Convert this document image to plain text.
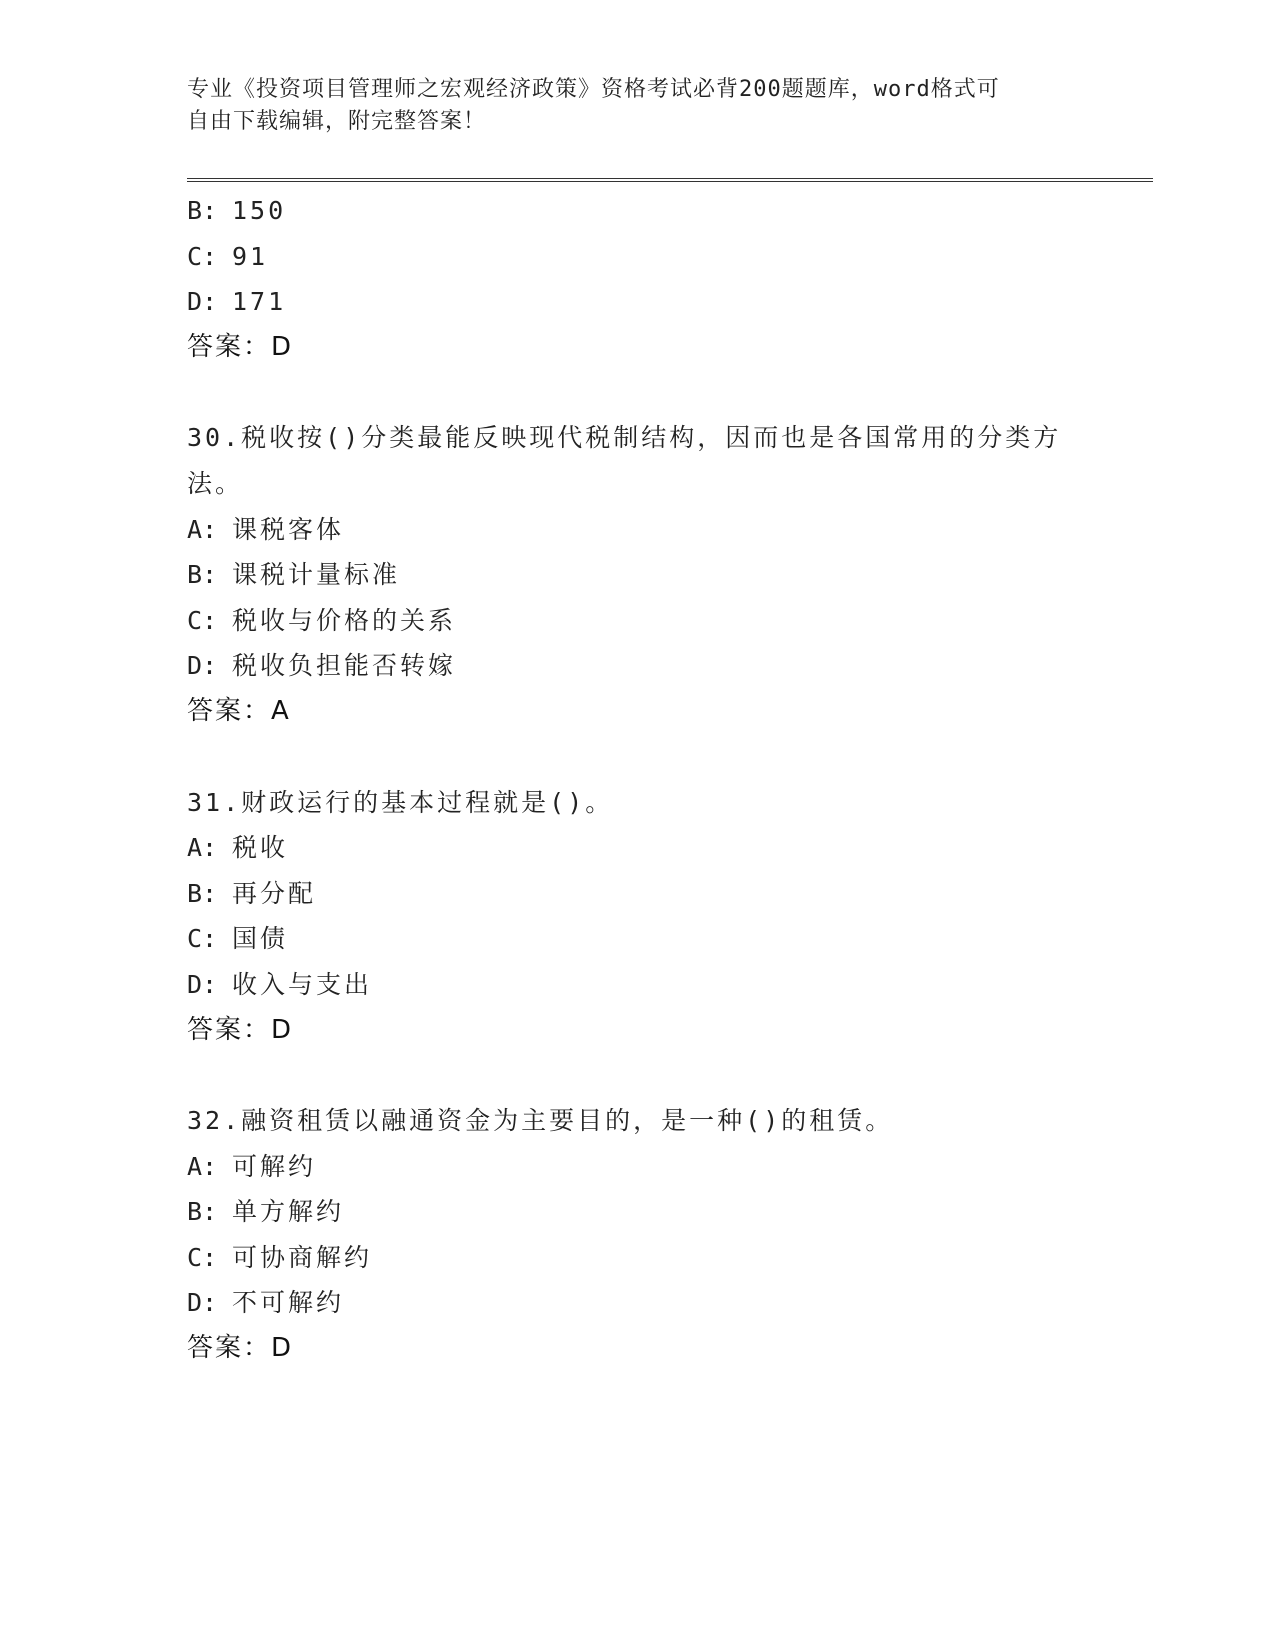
专业《投资项目管理师之宏观经济政策》资格考试必背200题题库，word格式可
自由下载编辑，附完整答案！
B: 150
C: 91
D: 171
答案：D
30.税收按()分类最能反映现代税制结构，因而也是各国常用的分类方
法。
A: 课税客体
B: 课税计量标准
C: 税收与价格的关系
D: 税收负担能否转嫁
答案：A
31.财政运行的基本过程就是()。
A: 税收
B: 再分配
C: 国债
D: 收入与支出
答案：D
32.融资租赁以融通资金为主要目的，是一种()的租赁。
A: 可解约
B: 单方解约
C: 可协商解约
D: 不可解约
答案：D
